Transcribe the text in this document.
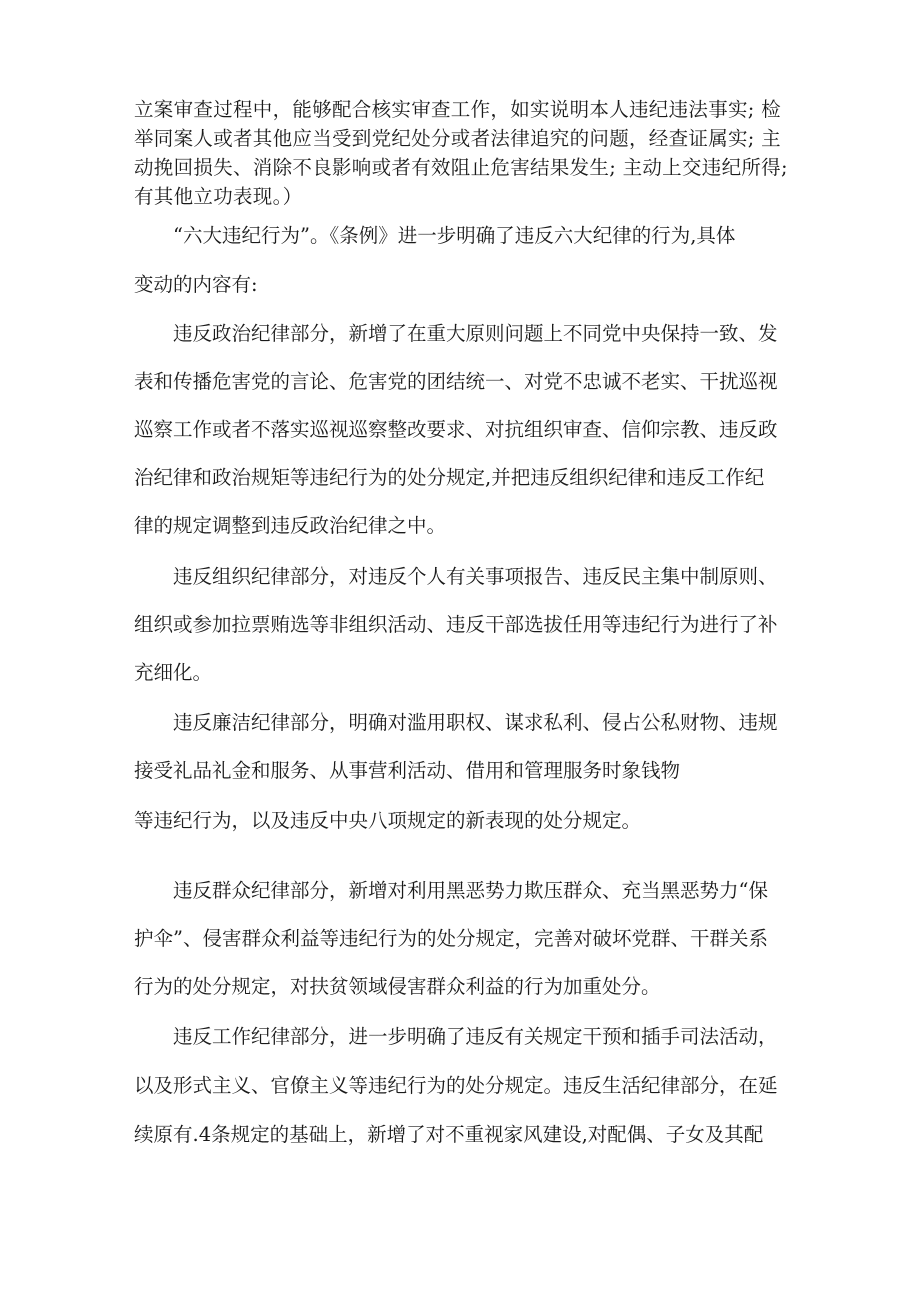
立案审查过程中，能够配合核实审查工作，如实说明本人违纪违法事实; 检
举同案人或者其他应当受到党纪处分或者法律追究的问题，经查证属实; 主
动挽回损失、消除不良影响或者有效阻止危害结果发生; 主动上交违纪所得;
有其他立功表现。）
“六大违纪行为”。《条例》进一步明确了违反六大纪律的行为,具体
变动的内容有:
违反政治纪律部分，新增了在重大原则问题上不同党中央保持一致、发
表和传播危害党的言论、危害党的团结统一、对党不忠诚不老实、干扰巡视
巡察工作或者不落实巡视巡察整改要求、对抗组织审查、信仰宗教、违反政
治纪律和政治规矩等违纪行为的处分规定,并把违反组织纪律和违反工作纪
律的规定调整到违反政治纪律之中。
违反组织纪律部分，对违反个人有关事项报告、违反民主集中制原则、
组织或参加拉票贿选等非组织活动、违反干部选拔任用等违纪行为进行了补
充细化。
违反廉洁纪律部分，明确对滥用职权、谋求私利、侵占公私财物、违规
接受礼品礼金和服务、从事营利活动、借用和管理服务时象钱物
等违纪行为，以及违反中央八项规定的新表现的处分规定。
违反群众纪律部分，新增对利用黑恶势力欺压群众、充当黑恶势力“保
护伞”、侵害群众利益等违纪行为的处分规定，完善对破坏党群、干群关系
行为的处分规定，对扶贫领域侵害群众利益的行为加重处分。
违反工作纪律部分，进一步明确了违反有关规定干预和插手司法活动，
以及形式主义、官僚主义等违纪行为的处分规定。违反生活纪律部分，在延
续原有.4条规定的基础上，新增了对不重视家风建设,对配偶、子女及其配
